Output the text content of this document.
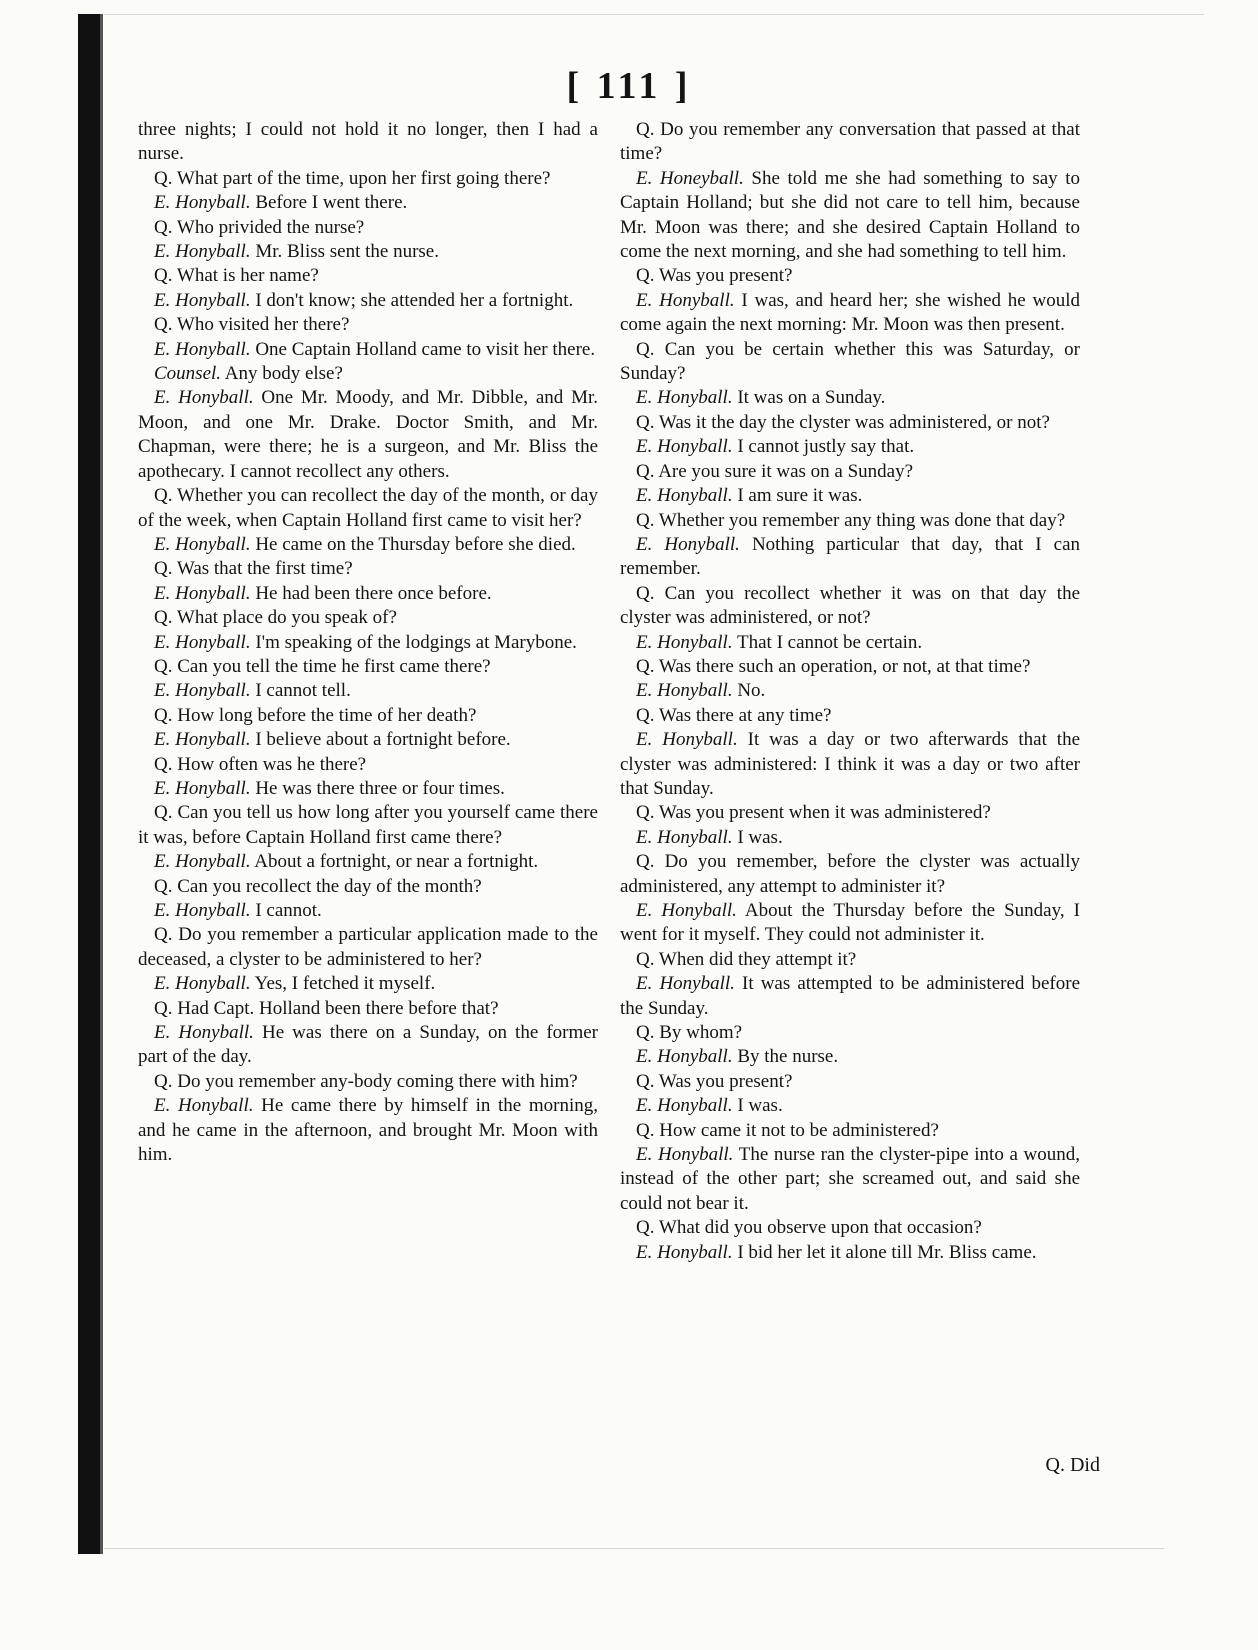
[ 111 ]

three nights; I could not hold it no longer, then I had a nurse.

Q. What part of the time, upon her first going there?

E. Honyball. Before I went there.

Q. Who privided the nurse?

E. Honyball. Mr. Bliss sent the nurse.

Q. What is her name?

E. Honyball. I don't know; she attended her a fortnight.

Q. Who visited her there?

E. Honyball. One Captain Holland came to visit her there.

Counsel. Any body else?

E. Honyball. One Mr. Moody, and Mr. Dibble, and Mr. Moon, and one Mr. Drake. Doctor Smith, and Mr. Chapman, were there; he is a surgeon, and Mr. Bliss the apothecary. I cannot recollect any others.

Q. Whether you can recollect the day of the month, or day of the week, when Captain Holland first came to visit her?

E. Honyball. He came on the Thursday before she died.

Q. Was that the first time?

E. Honyball. He had been there once before.

Q. What place do you speak of?

E. Honyball. I'm speaking of the lodgings at Marybone.

Q. Can you tell the time he first came there?

E. Honyball. I cannot tell.

Q. How long before the time of her death?

E. Honyball. I believe about a fortnight before.

Q. How often was he there?

E. Honyball. He was there three or four times.

Q. Can you tell us how long after you yourself came there it was, before Captain Holland first came there?

E. Honyball. About a fortnight, or near a fortnight.

Q. Can you recollect the day of the month?

E. Honyball. I cannot.

Q. Do you remember a particular application made to the deceased, a clyster to be administered to her?

E. Honyball. Yes, I fetched it myself.

Q. Had Capt. Holland been there before that?

E. Honyball. He was there on a Sunday, on the former part of the day.

Q. Do you remember any-body coming there with him?

E. Honyball. He came there by himself in the morning, and he came in the afternoon, and brought Mr. Moon with him.

Q. Do you remember any conversation that passed at that time?

E. Honeyball. She told me she had something to say to Captain Holland; but she did not care to tell him, because Mr. Moon was there; and she desired Captain Holland to come the next morning, and she had something to tell him.

Q. Was you present?

E. Honyball. I was, and heard her; she wished he would come again the next morning: Mr. Moon was then present.

Q. Can you be certain whether this was Saturday, or Sunday?

E. Honyball. It was on a Sunday.

Q. Was it the day the clyster was administered, or not?

E. Honyball. I cannot justly say that.

Q. Are you sure it was on a Sunday?

E. Honyball. I am sure it was.

Q. Whether you remember any thing was done that day?

E. Honyball. Nothing particular that day, that I can remember.

Q. Can you recollect whether it was on that day the clyster was administered, or not?

E. Honyball. That I cannot be certain.

Q. Was there such an operation, or not, at that time?

E. Honyball. No.

Q. Was there at any time?

E. Honyball. It was a day or two afterwards that the clyster was administered: I think it was a day or two after that Sunday.

Q. Was you present when it was administered?

E. Honyball. I was.

Q. Do you remember, before the clyster was actually administered, any attempt to administer it?

E. Honyball. About the Thursday before the Sunday, I went for it myself. They could not administer it.

Q. When did they attempt it?

E. Honyball. It was attempted to be administered before the Sunday.

Q. By whom?

E. Honyball. By the nurse.

Q. Was you present?

E. Honyball. I was.

Q. How came it not to be administered?

E. Honyball. The nurse ran the clyster-pipe into a wound, instead of the other part; she screamed out, and said she could not bear it.

Q. What did you observe upon that occasion?

E. Honyball. I bid her let it alone till Mr. Bliss came.

Q. Did
